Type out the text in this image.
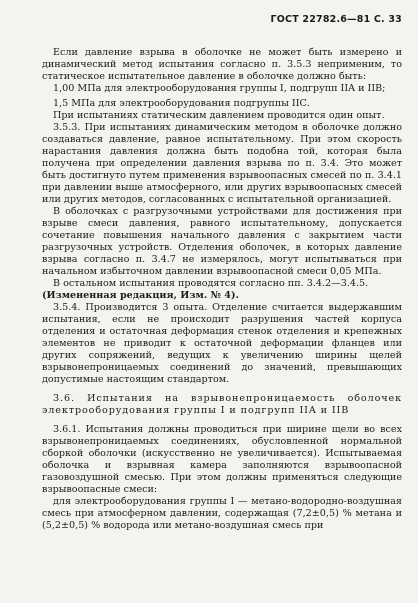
ГОСТ 22782.6—81 С. 33

Если давление взрыва в оболочке не может быть измерено и динамический метод испытания согласно п. 3.5.3 неприменим, то статическое испытательное давление в оболочке должно быть:

1,00 МПа для электрооборудования группы I, подгрупп IIA и IIB;

1,5 МПа для электрооборудования подгруппы IIС.

При испытаниях статическим давлением проводится один опыт.

3.5.3. При испытаниях динамическим методом в оболочке должно создаваться давление, равное испытательному. При этом скорость нарастания давления должна быть подобна той, которая была получена при определении давления взрыва по п. 3.4. Это может быть достигнуто путем применения взрывоопасных смесей по п. 3.4.1 при давлении выше атмосферного, или других взрывоопасных смесей или других методов, согласованных с испытательной организацией.

В оболочках с разгрузочными устройствами для достижения при взрыве смеси давления, равного испытательному, допускается сочетание повышения начального давления с закрытием части разгрузочных устройств. Отделения оболочек, в которых давление взрыва согласно п. 3.4.7 не измерялось, могут испытываться при начальном избыточном давлении взрывоопасной смеси 0,05 МПа.

В остальном испытания проводятся согласно пп. 3.4.2—3.4.5.

(Измененная редакция, Изм. № 4).

3.5.4. Производится 3 опыта. Отделение считается выдержавшим испытания, если не происходит разрушения частей корпуса отделения и остаточная деформация стенок отделения и крепежных элементов не приводит к остаточной деформации фланцев или других сопряжений, ведущих к увеличению ширины щелей взрывонепроницаемых соединений до значений, превышающих допустимые настоящим стандартом.

3.6. Испытания на взрывонепроницаемость оболочек электрооборудования группы I и подгрупп IIA и IIB

3.6.1. Испытания должны проводиться при ширине щели во всех взрывонепроницаемых соединениях, обусловленной нормальной сборкой оболочки (искусственно не увеличивается). Испытываемая оболочка и взрывная камера заполняются взрывоопасной газовоздушной смесью. При этом должны применяться следующие взрывоопасные смеси:

для электрооборудования группы I — метано-водородно-воздушная смесь при атмосферном давлении, содержащая (7,2±0,5) % метана и (5,2±0,5) % водорода или метано-воздушная смесь при
